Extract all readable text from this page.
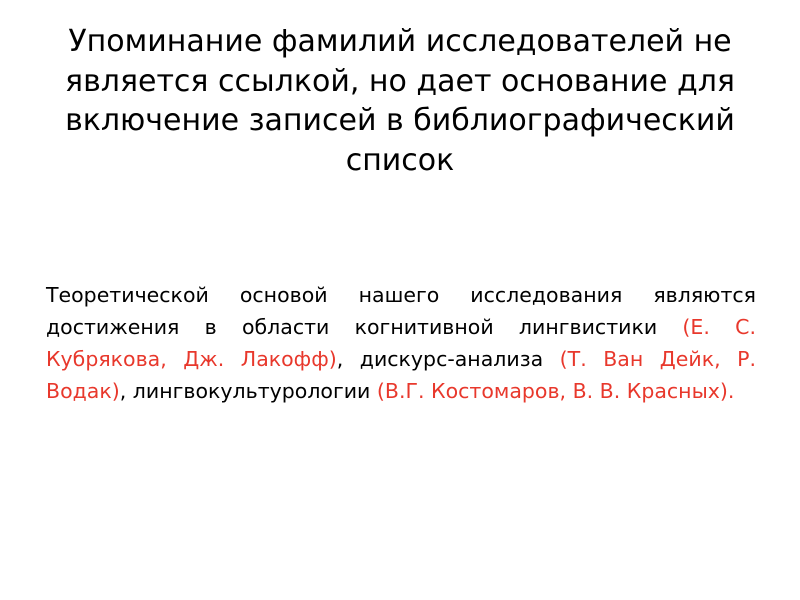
Упоминание фамилий исследователей не является ссылкой, но дает основание для включение записей в библиографический список

Теоретической основой нашего исследования являются достижения в области когнитивной лингвистики (Е. С. Кубрякова, Дж. Лакофф), дискурс-анализа (Т. Ван Дейк, Р. Водак), лингвокультурологии (В.Г. Костомаров, В. В. Красных).
